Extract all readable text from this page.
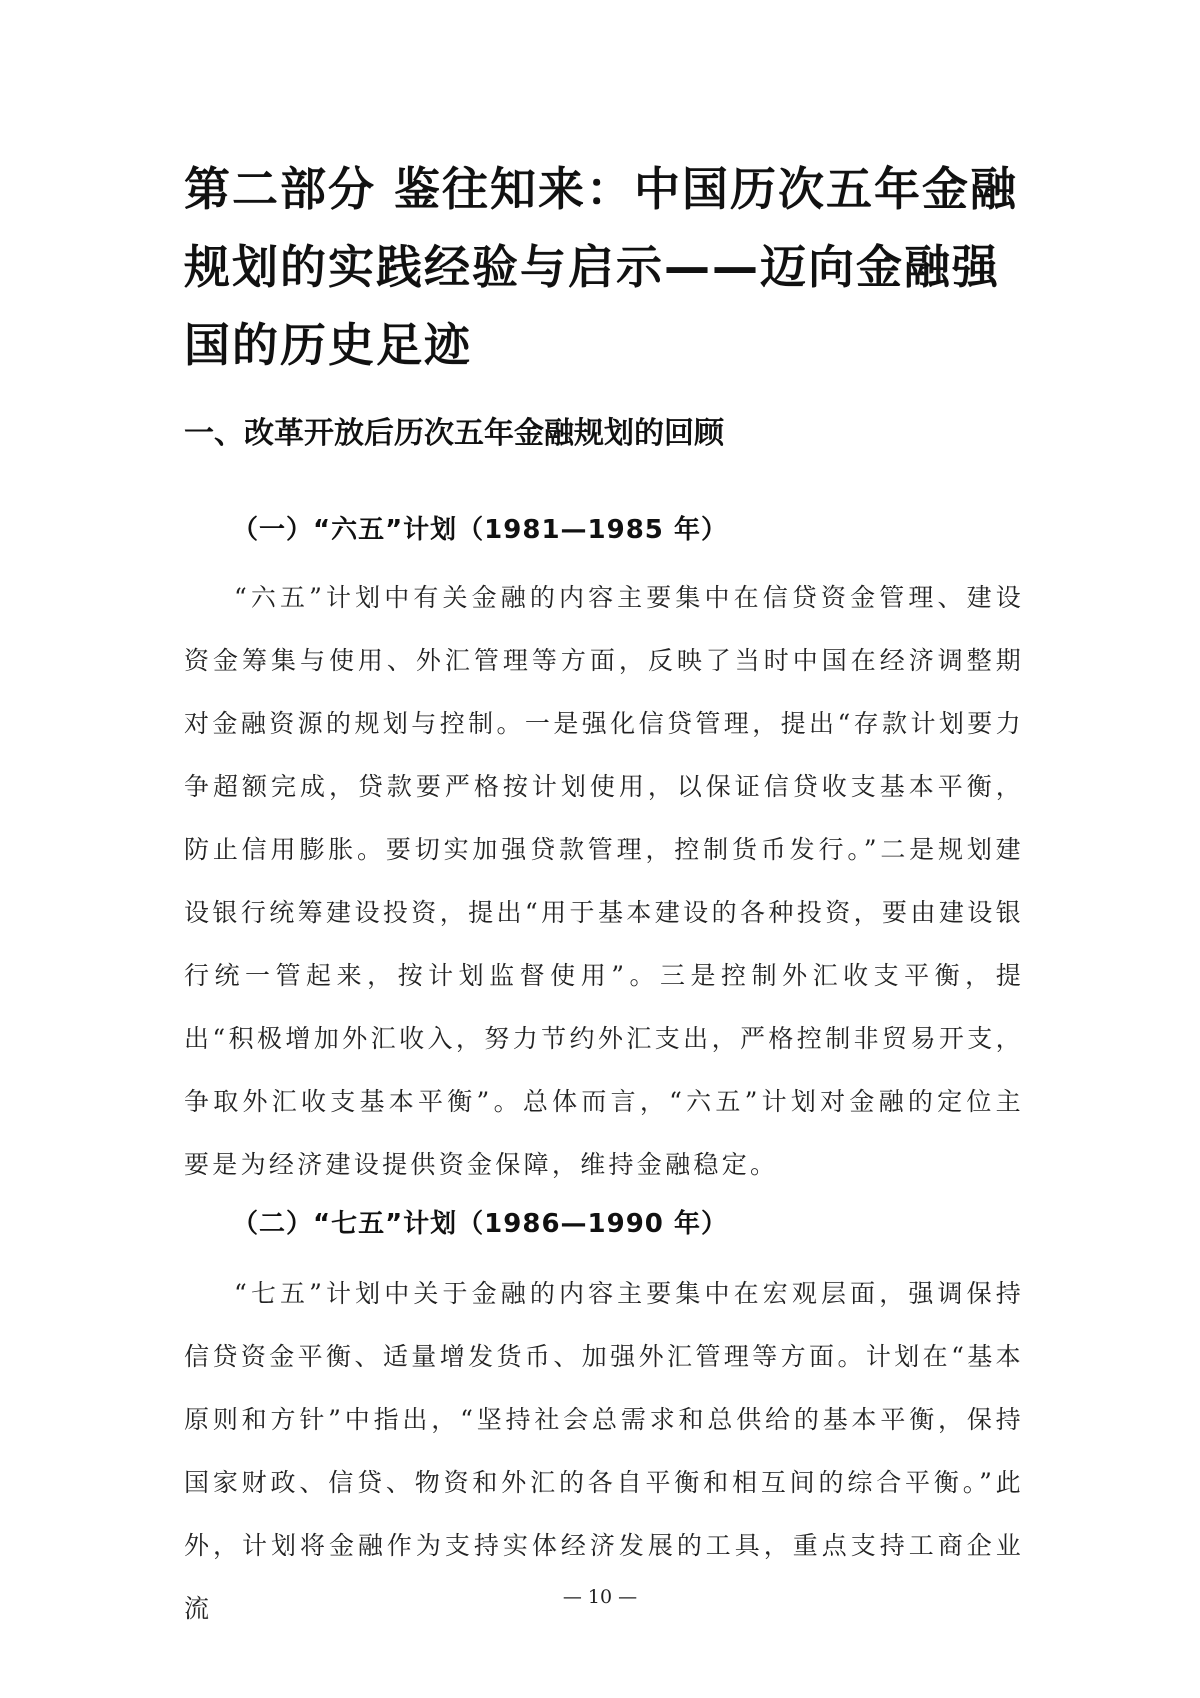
第二部分 鉴往知来：中国历次五年金融规划的实践经验与启示——迈向金融强国的历史足迹
一、改革开放后历次五年金融规划的回顾
（一）“六五”计划（1981—1985 年）

“六五”计划中有关金融的内容主要集中在信贷资金管理、建设资金筹集与使用、外汇管理等方面，反映了当时中国在经济调整期对金融资源的规划与控制。一是强化信贷管理，提出“存款计划要力争超额完成，贷款要严格按计划使用，以保证信贷收支基本平衡，防止信用膨胀。要切实加强贷款管理，控制货币发行。”二是规划建设银行统筹建设投资，提出“用于基本建设的各种投资，要由建设银行统一管起来，按计划监督使用”。三是控制外汇收支平衡，提出“积极增加外汇收入，努力节约外汇支出，严格控制非贸易开支，争取外汇收支基本平衡”。总体而言，“六五”计划对金融的定位主要是为经济建设提供资金保障，维持金融稳定。

（二）“七五”计划（1986—1990 年）

“七五”计划中关于金融的内容主要集中在宏观层面，强调保持信贷资金平衡、适量增发货币、加强外汇管理等方面。计划在“基本原则和方针”中指出，“坚持社会总需求和总供给的基本平衡，保持国家财政、信贷、物资和外汇的各自平衡和相互间的综合平衡。”此外，计划将金融作为支持实体经济发展的工具，重点支持工商企业流	— 10 —
